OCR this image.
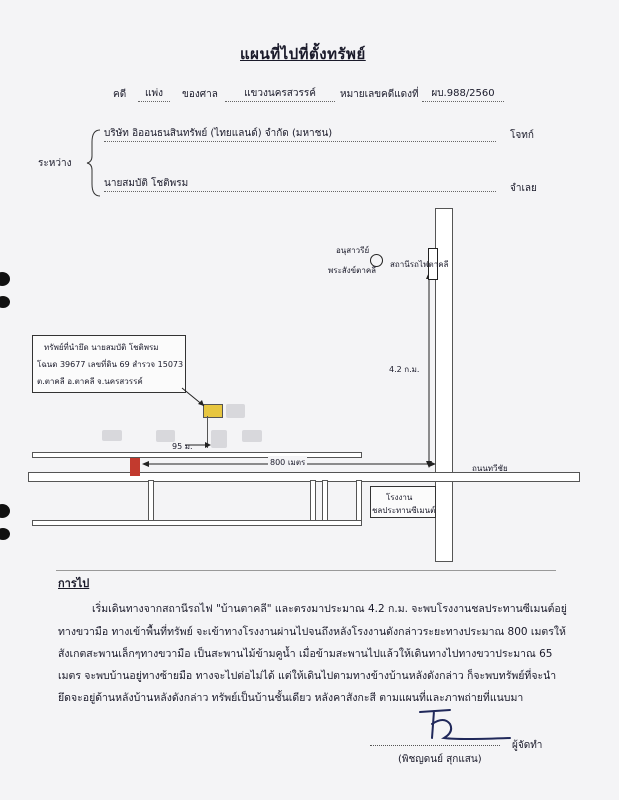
แผนที่ไปที่ตั้งทรัพย์
คดี	แพ่ง	ของศาล	แขวงนครสวรรค์	หมายเลขคดีแดงที่	ผบ.988/2560
ระหว่าง
บริษัท อิออนธนสินทรัพย์ (ไทยแลนด์) จำกัด (มหาชน)	โจทก์
นายสมบัติ โชติพรม	จำเลย
ทรัพย์ที่นำยึด นายสมบัติ โชติพรม
โฉนด 39677 เลขที่ดิน 69 สำรวจ 15073
ต.ตาคลี อ.ตาคลี จ.นครสวรรค์
95 ม.
800 เมตร
4.2 ก.ม.
สถานีรถไฟตาคลี
อนุสาวรีย์
พระสังข์ตาคลี
ถนนทวีชัย
โรงงาน
ชลประทานซีเมนต์
การไป
เริ่มเดินทางจากสถานีรถไฟ "บ้านตาคลี" และตรงมาประมาณ 4.2 ก.ม. จะพบโรงงานชลประทานซีเมนต์อยู่
ทางขวามือ ทางเข้าพื้นที่ทรัพย์ จะเข้าทางโรงงานผ่านไปจนถึงหลังโรงงานดังกล่าวระยะทางประมาณ 800 เมตรให้
สังเกตสะพานเล็กๆทางขวามือ เป็นสะพานไม้ข้ามคูน้ำ เมื่อข้ามสะพานไปแล้วให้เดินทางไปทางขวาประมาณ 65
เมตร จะพบบ้านอยู่ทางซ้ายมือ ทางจะไปต่อไม่ได้ แต่ให้เดินไปตามทางข้างบ้านหลังดังกล่าว ก็จะพบทรัพย์ที่จะนำ
ยึดจะอยู่ด้านหลังบ้านหลังดังกล่าว ทรัพย์เป็นบ้านชั้นเดียว หลังคาสังกะสี ตามแผนที่และภาพถ่ายที่แนบมา
ผู้จัดทำ
(พิชญดนย์ สุกแสน)
